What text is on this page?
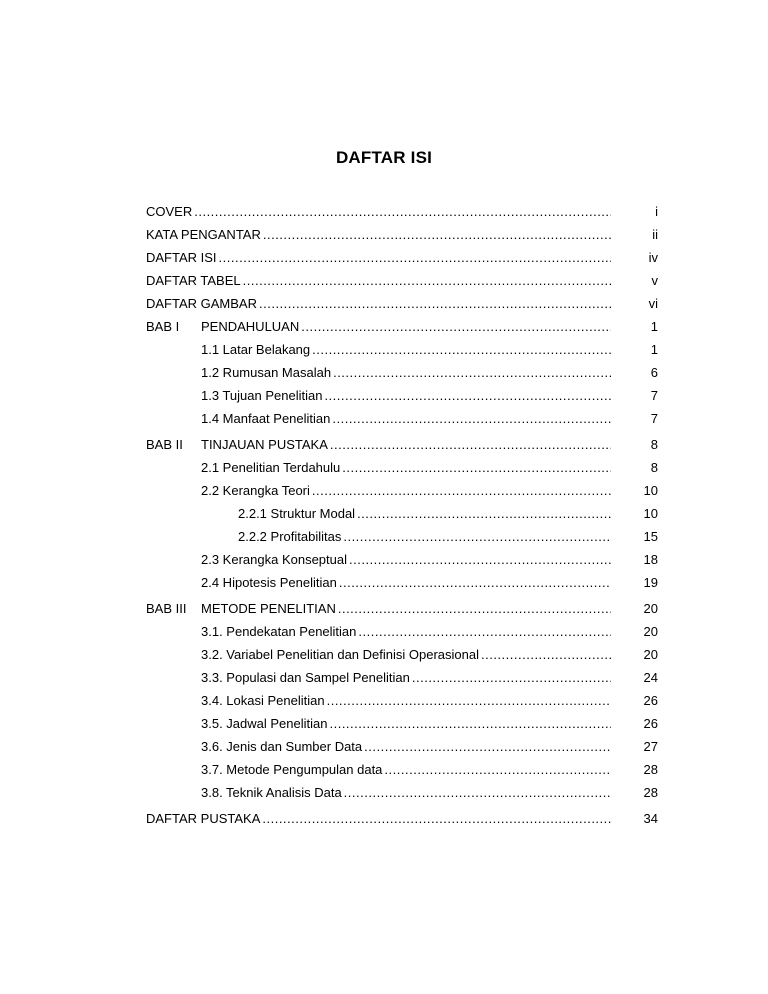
DAFTAR ISI
COVER .....	i
KATA PENGANTAR .....	ii
DAFTAR ISI .....	iv
DAFTAR TABEL .....	v
DAFTAR GAMBAR .....	vi
BAB I	PENDAHULUAN .....	1
1.1 Latar Belakang .....	1
1.2 Rumusan Masalah .....	6
1.3 Tujuan Penelitian .....	7
1.4 Manfaat Penelitian .....	7
BAB II	TINJAUAN PUSTAKA .....	8
2.1 Penelitian Terdahulu .....	8
2.2 Kerangka Teori .....	10
2.2.1 Struktur Modal .....	10
2.2.2 Profitabilitas .....	15
2.3 Kerangka Konseptual .....	18
2.4 Hipotesis Penelitian .....	19
BAB III	METODE PENELITIAN .....	20
3.1. Pendekatan Penelitian .....	20
3.2. Variabel Penelitian dan Definisi Operasional .....	20
3.3. Populasi dan Sampel Penelitian .....	24
3.4. Lokasi Penelitian .....	26
3.5. Jadwal Penelitian .....	26
3.6. Jenis dan Sumber Data .....	27
3.7. Metode Pengumpulan data .....	28
3.8. Teknik Analisis Data .....	28
DAFTAR PUSTAKA .....	34
